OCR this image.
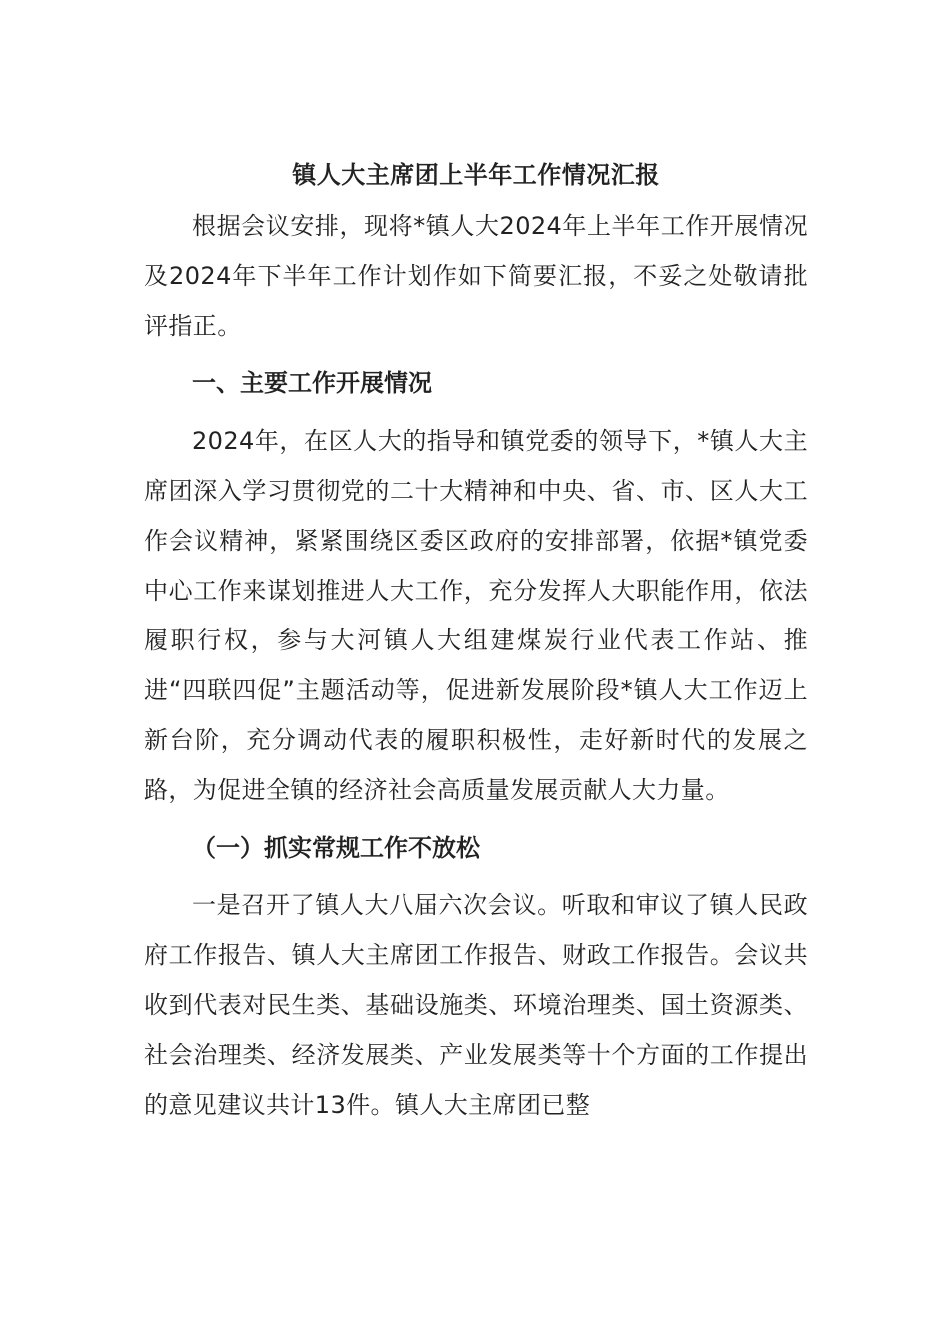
镇人大主席团上半年工作情况汇报

根据会议安排，现将*镇人大2024年上半年工作开展情况及2024年下半年工作计划作如下简要汇报，不妥之处敬请批评指正。

一、主要工作开展情况

2024年，在区人大的指导和镇党委的领导下，*镇人大主席团深入学习贯彻党的二十大精神和中央、省、市、区人大工作会议精神，紧紧围绕区委区政府的安排部署，依据*镇党委中心工作来谋划推进人大工作，充分发挥人大职能作用，依法履职行权，参与大河镇人大组建煤炭行业代表工作站、推进“四联四促”主题活动等，促进新发展阶段*镇人大工作迈上新台阶，充分调动代表的履职积极性，走好新时代的发展之路，为促进全镇的经济社会高质量发展贡献人大力量。

（一）抓实常规工作不放松

一是召开了镇人大八届六次会议。听取和审议了镇人民政府工作报告、镇人大主席团工作报告、财政工作报告。会议共收到代表对民生类、基础设施类、环境治理类、国土资源类、社会治理类、经济发展类、产业发展类等十个方面的工作提出的意见建议共计13件。镇人大主席团已整
